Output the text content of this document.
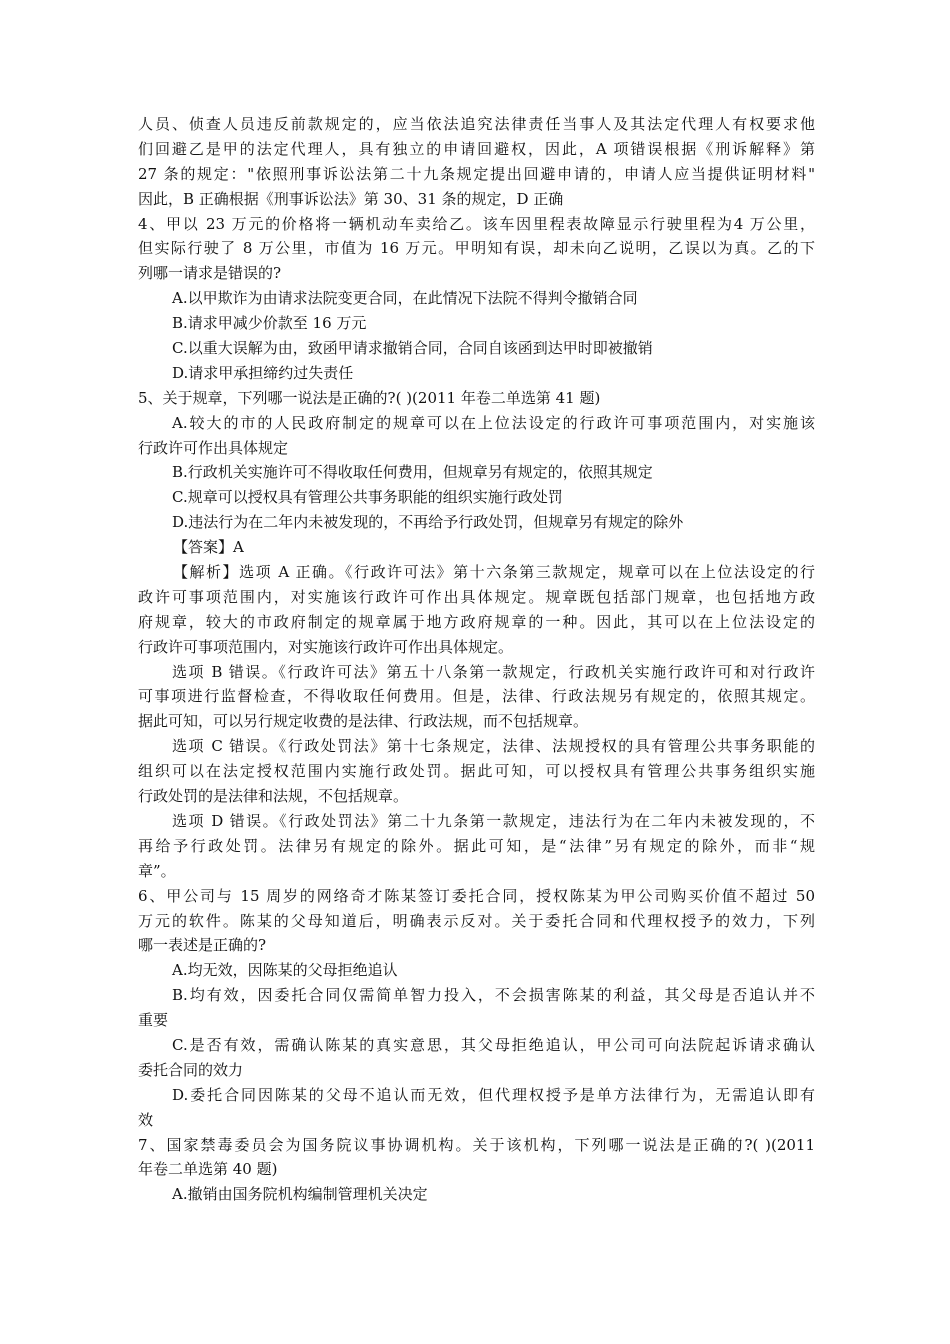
人员、侦查人员违反前款规定的，应当依法追究法律责任当事人及其法定代理人有权要求他
们回避乙是甲的法定代理人，具有独立的申请回避权，因此，A 项错误根据《刑诉解释》第
27 条的规定："依照刑事诉讼法第二十九条规定提出回避申请的，申请人应当提供证明材料"
因此，B 正确根据《刑事诉讼法》第 30、31 条的规定，D 正确
4、甲以 23 万元的价格将一辆机动车卖给乙。该车因里程表故障显示行驶里程为4 万公里，
但实际行驶了 8 万公里，市值为 16 万元。甲明知有误，却未向乙说明，乙误以为真。乙的下
列哪一请求是错误的?
A.以甲欺诈为由请求法院变更合同，在此情况下法院不得判令撤销合同
B.请求甲减少价款至 16 万元
C.以重大误解为由，致函甲请求撤销合同，合同自该函到达甲时即被撤销
D.请求甲承担缔约过失责任
5、关于规章，下列哪一说法是正确的?( )(2011 年卷二单选第 41 题)
A.较大的市的人民政府制定的规章可以在上位法设定的行政许可事项范围内，对实施该
行政许可作出具体规定
B.行政机关实施许可不得收取任何费用，但规章另有规定的，依照其规定
C.规章可以授权具有管理公共事务职能的组织实施行政处罚
D.违法行为在二年内未被发现的，不再给予行政处罚，但规章另有规定的除外
【答案】A
【解析】选项 A 正确。《行政许可法》第十六条第三款规定，规章可以在上位法设定的行
政许可事项范围内，对实施该行政许可作出具体规定。规章既包括部门规章，也包括地方政
府规章，较大的市政府制定的规章属于地方政府规章的一种。因此，其可以在上位法设定的
行政许可事项范围内，对实施该行政许可作出具体规定。
选项 B 错误。《行政许可法》第五十八条第一款规定，行政机关实施行政许可和对行政许
可事项进行监督检查，不得收取任何费用。但是，法律、行政法规另有规定的，依照其规定。
据此可知，可以另行规定收费的是法律、行政法规，而不包括规章。
选项 C 错误。《行政处罚法》第十七条规定，法律、法规授权的具有管理公共事务职能的
组织可以在法定授权范围内实施行政处罚。据此可知，可以授权具有管理公共事务组织实施
行政处罚的是法律和法规，不包括规章。
选项 D 错误。《行政处罚法》第二十九条第一款规定，违法行为在二年内未被发现的，不
再给予行政处罚。法律另有规定的除外。据此可知，是“法律”另有规定的除外，而非“规
章”。
6、甲公司与 15 周岁的网络奇才陈某签订委托合同，授权陈某为甲公司购买价值不超过 50
万元的软件。陈某的父母知道后，明确表示反对。关于委托合同和代理权授予的效力，下列
哪一表述是正确的?
A.均无效，因陈某的父母拒绝追认
B.均有效，因委托合同仅需简单智力投入，不会损害陈某的利益，其父母是否追认并不
重要
C.是否有效，需确认陈某的真实意思，其父母拒绝追认，甲公司可向法院起诉请求确认
委托合同的效力
D.委托合同因陈某的父母不追认而无效，但代理权授予是单方法律行为，无需追认即有
效
7、国家禁毒委员会为国务院议事协调机构。关于该机构，下列哪一说法是正确的?( )(2011
年卷二单选第 40 题)
A.撤销由国务院机构编制管理机关决定
